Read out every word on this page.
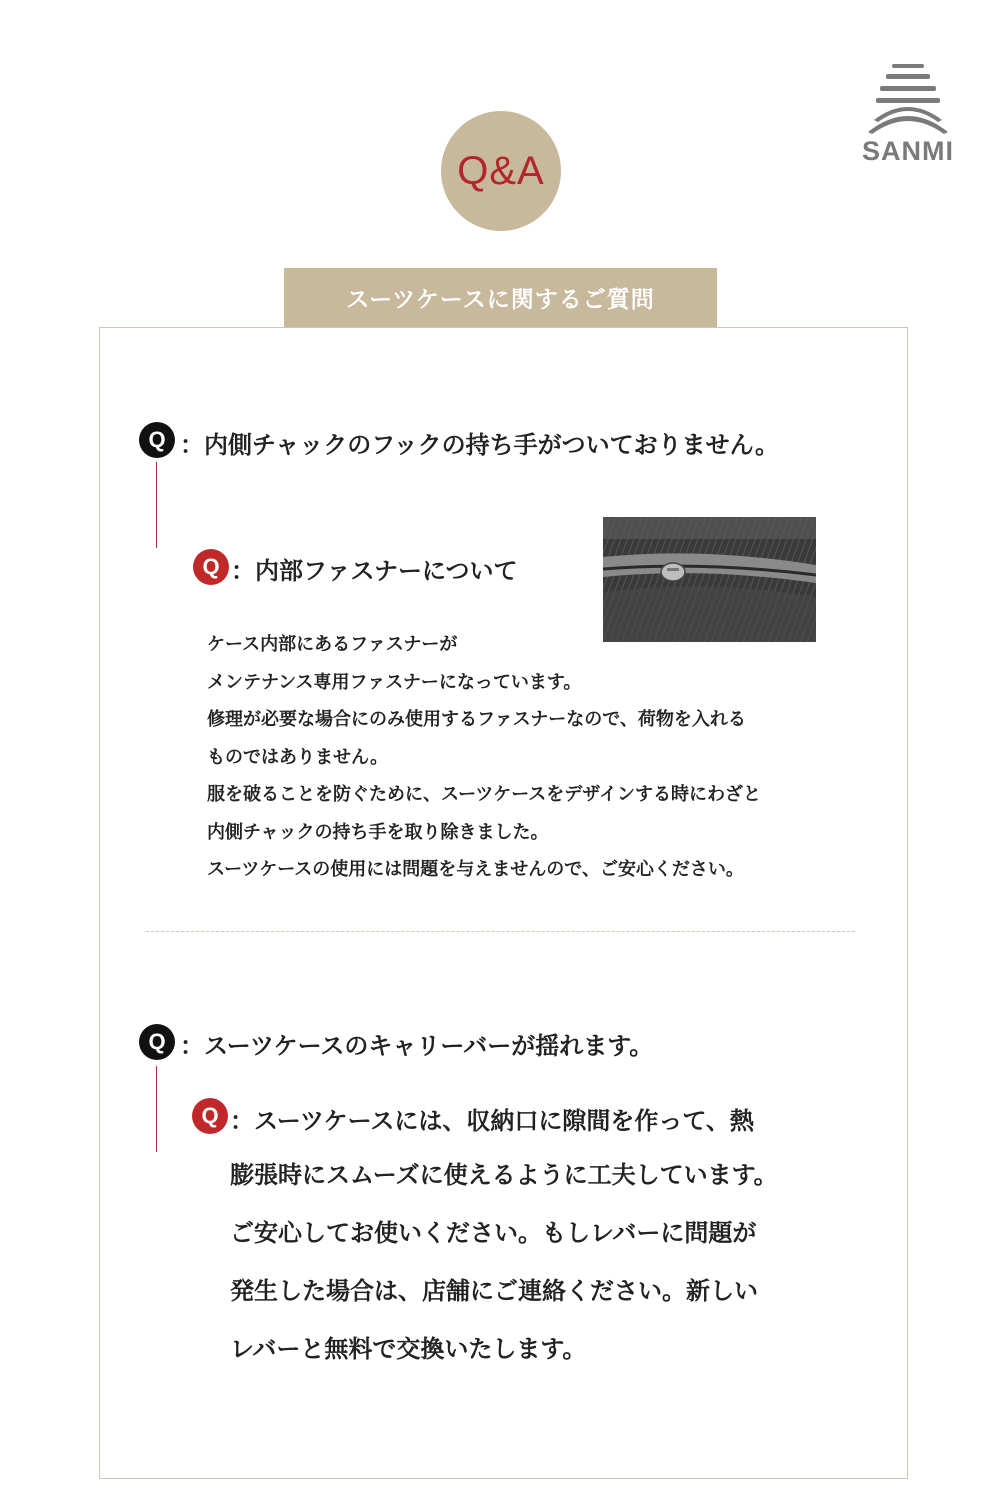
SANMI
Q&A
スーツケースに関するご質問
Q ：内側チャックのフックの持ち手がついておりません。
Q ：内部ファスナーについて
ケース内部にあるファスナーが
メンテナンス専用ファスナーになっています。
修理が必要な場合にのみ使用するファスナーなので、荷物を入れる
ものではありません。
服を破ることを防ぐために、スーツケースをデザインする時にわざと
内側チャックの持ち手を取り除きました。
スーツケースの使用には問題を与えませんので、ご安心ください。
Q ：スーツケースのキャリーバーが揺れます。
Q ：スーツケースには、収納口に隙間を作って、熱
膨張時にスムーズに使えるように工夫しています。
ご安心してお使いください。もしレバーに問題が
発生した場合は、店舗にご連絡ください。新しい
レバーと無料で交換いたします。
